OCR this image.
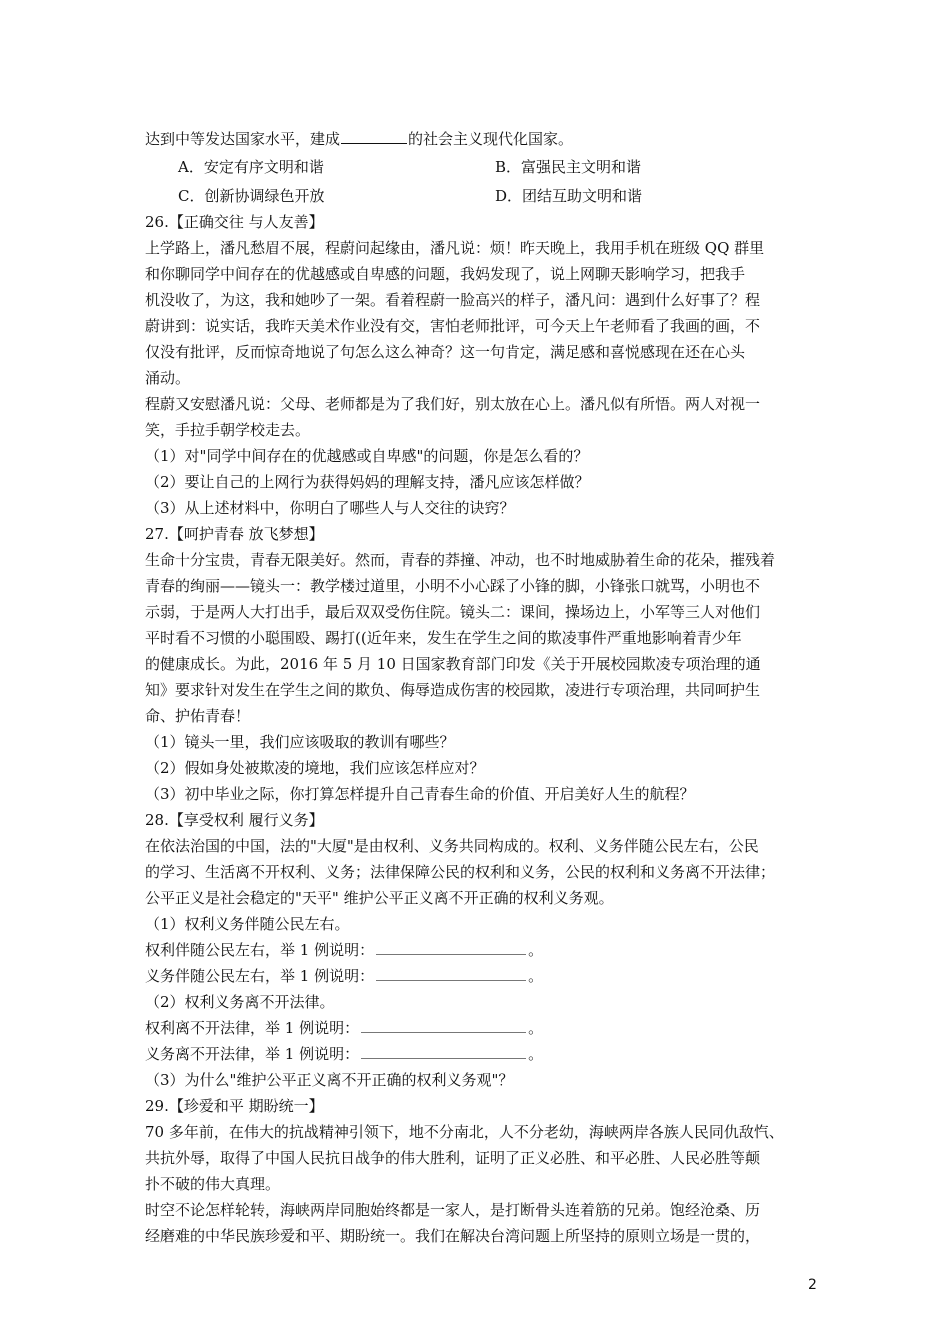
达到中等发达国家水平，建成	的社会主义现代化国家。
A．安定有序文明和谐	B．富强民主文明和谐
C．创新协调绿色开放	D．团结互助文明和谐
26.【正确交往 与人友善】
上学路上，潘凡愁眉不展，程蔚问起缘由，潘凡说：烦！昨天晚上，我用手机在班级 QQ 群里
和你聊同学中间存在的优越感或自卑感的问题，我妈发现了，说上网聊天影响学习，把我手
机没收了，为这，我和她吵了一架。看着程蔚一脸高兴的样子，潘凡问：遇到什么好事了？程
蔚讲到：说实话，我昨天美术作业没有交，害怕老师批评，可今天上午老师看了我画的画，不
仅没有批评，反而惊奇地说了句怎么这么神奇？这一句肯定，满足感和喜悦感现在还在心头
涌动。
程蔚又安慰潘凡说：父母、老师都是为了我们好，别太放在心上。潘凡似有所悟。两人对视一
笑，手拉手朝学校走去。
（1）对"同学中间存在的优越感或自卑感"的问题，你是怎么看的？
（2）要让自己的上网行为获得妈妈的理解支持，潘凡应该怎样做？
（3）从上述材料中，你明白了哪些人与人交往的诀窍？
27.【呵护青春 放飞梦想】
生命十分宝贵，青春无限美好。然而，青春的莽撞、冲动，也不时地威胁着生命的花朵，摧残着
青春的绚丽——镜头一：教学楼过道里，小明不小心踩了小锋的脚，小锋张口就骂，小明也不
示弱，于是两人大打出手，最后双双受伤住院。镜头二：课间，操场边上，小军等三人对他们
平时看不习惯的小聪围殴、踢打((近年来，发生在学生之间的欺凌事件严重地影响着青少年
的健康成长。为此，2016 年 5 月 10 日国家教育部门印发《关于开展校园欺凌专项治理的通
知》要求针对发生在学生之间的欺负、侮辱造成伤害的校园欺，凌进行专项治理，共同呵护生
命、护佑青春！
（1）镜头一里，我们应该吸取的教训有哪些？
（2）假如身处被欺凌的境地，我们应该怎样应对？
（3）初中毕业之际，你打算怎样提升自己青春生命的价值、开启美好人生的航程？
28.【享受权利 履行义务】
在依法治国的中国，法的"大厦"是由权利、义务共同构成的。权利、义务伴随公民左右，公民
的学习、生活离不开权利、义务；法律保障公民的权利和义务，公民的权利和义务离不开法律；
公平正义是社会稳定的"天平" 维护公平正义离不开正确的权利义务观。
（1）权利义务伴随公民左右。
权利伴随公民左右，举 1 例说明：	。
义务伴随公民左右，举 1 例说明：	。
（2）权利义务离不开法律。
权利离不开法律，举 1 例说明：	。
义务离不开法律，举 1 例说明：	。
（3）为什么"维护公平正义离不开正确的权利义务观"？
29.【珍爱和平 期盼统一】
70 多年前，在伟大的抗战精神引领下，地不分南北，人不分老幼，海峡两岸各族人民同仇敌忾、
共抗外辱，取得了中国人民抗日战争的伟大胜利，证明了正义必胜、和平必胜、人民必胜等颠
扑不破的伟大真理。
时空不论怎样轮转，海峡两岸同胞始终都是一家人，是打断骨头连着筋的兄弟。饱经沧桑、历
经磨难的中华民族珍爱和平、期盼统一。我们在解决台湾问题上所坚持的原则立场是一贯的，
2
